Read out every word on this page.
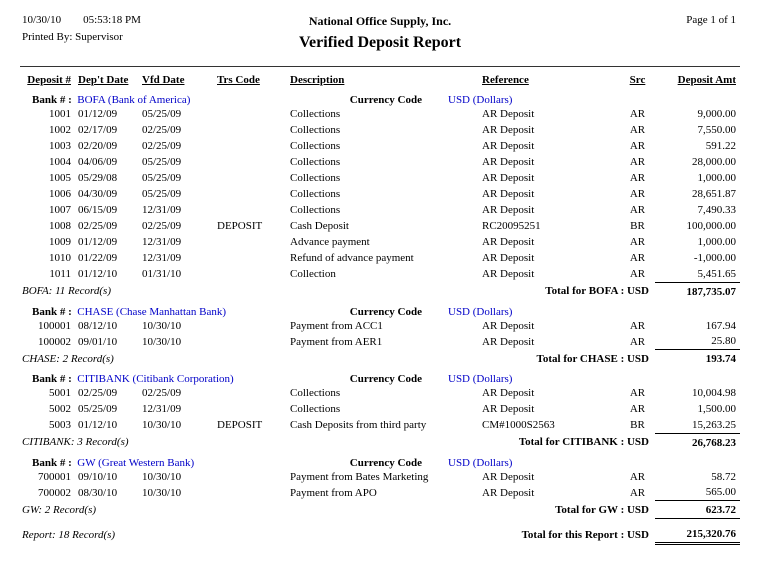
10/30/10 05:53:18 PM
Printed By: Supervisor
National Office Supply, Inc.
Verified Deposit Report
Page 1 of 1
Deposit #	Dep't Date	Vfd Date	Trs Code	Description	Reference	Src	Deposit Amt
Bank # : BOFA (Bank of America)				Currency Code	USD (Dollars)		
1001	01/12/09	05/25/09		Collections	AR Deposit	AR	9,000.00
1002	02/17/09	02/25/09		Collections	AR Deposit	AR	7,550.00
1003	02/20/09	02/25/09		Collections	AR Deposit	AR	591.22
1004	04/06/09	05/25/09		Collections	AR Deposit	AR	28,000.00
1005	05/29/08	05/25/09		Collections	AR Deposit	AR	1,000.00
1006	04/30/09	05/25/09		Collections	AR Deposit	AR	28,651.87
1007	06/15/09	12/31/09		Collections	AR Deposit	AR	7,490.33
1008	02/25/09	02/25/09	DEPOSIT	Cash Deposit	RC20095251	BR	100,000.00
1009	01/12/09	12/31/09		Advance payment	AR Deposit	AR	1,000.00
1010	01/22/09	12/31/09		Refund of advance payment	AR Deposit	AR	-1,000.00
1011	01/12/10	01/31/10		Collection	AR Deposit	AR	5,451.65
BOFA: 11 Record(s)				Total for BOFA : USD			187,735.07
Bank # : CHASE (Chase Manhattan Bank)				Currency Code	USD (Dollars)		
100001	08/12/10	10/30/10		Payment from ACC1	AR Deposit	AR	167.94
100002	09/01/10	10/30/10		Payment from AER1	AR Deposit	AR	25.80
CHASE: 2 Record(s)				Total for CHASE : USD			193.74
Bank # : CITIBANK (Citibank Corporation)				Currency Code	USD (Dollars)		
5001	02/25/09	02/25/09		Collections	AR Deposit	AR	10,004.98
5002	05/25/09	12/31/09		Collections	AR Deposit	AR	1,500.00
5003	01/12/10	10/30/10	DEPOSIT	Cash Deposits from third party	CM#1000S2563	BR	15,263.25
CITIBANK: 3 Record(s)				Total for CITIBANK : USD			26,768.23
Bank # : GW (Great Western Bank)				Currency Code	USD (Dollars)		
700001	09/10/10	10/30/10		Payment from Bates Marketing	AR Deposit	AR	58.72
700002	08/30/10	10/30/10		Payment from APO	AR Deposit	AR	565.00
GW: 2 Record(s)				Total for GW : USD			623.72
Report: 18 Record(s)				Total for this Report : USD			215,320.76
